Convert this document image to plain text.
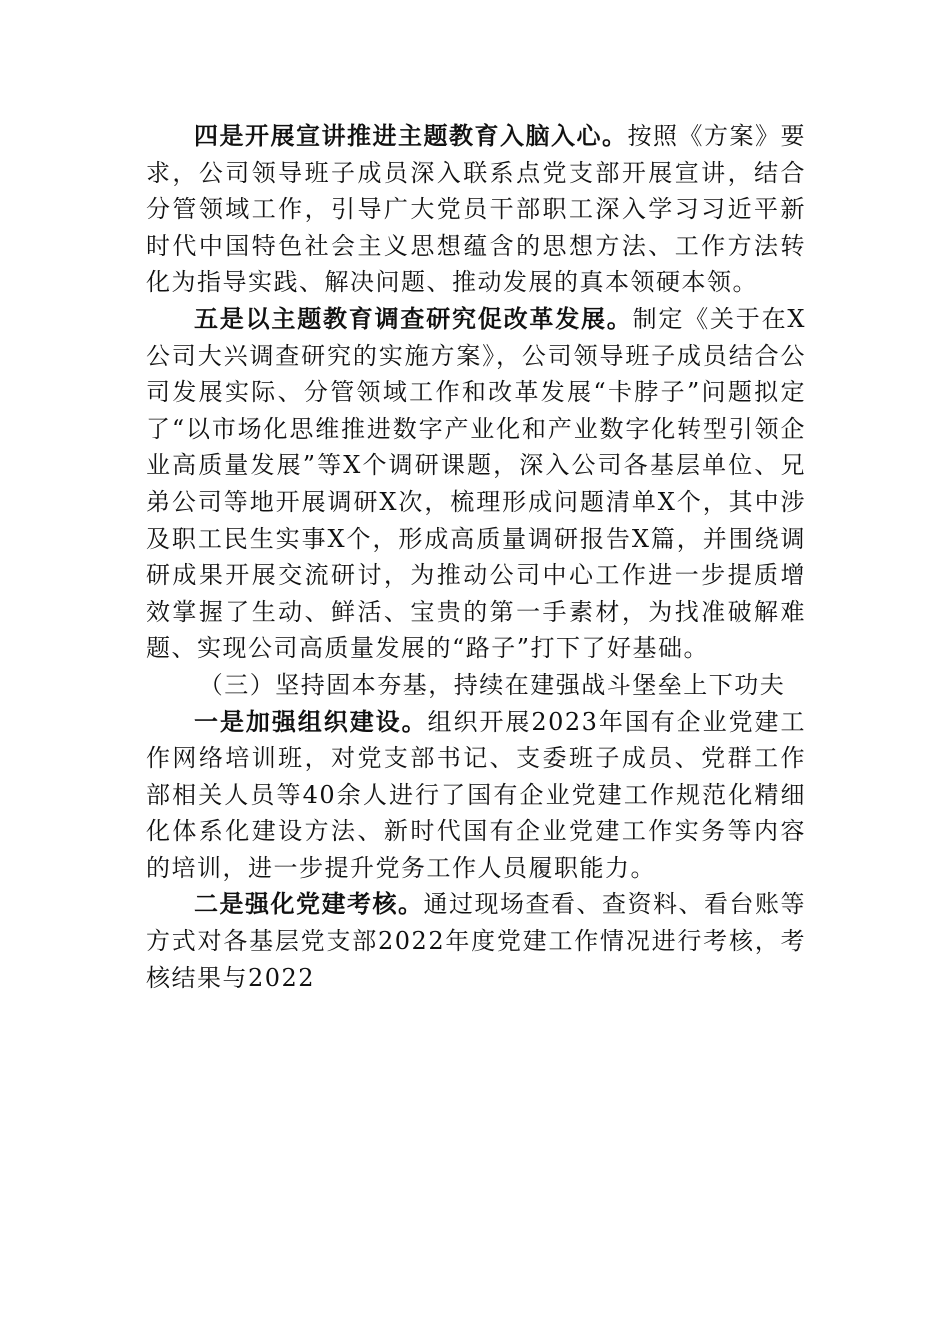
四是开展宣讲推进主题教育入脑入心。按照《方案》要求，公司领导班子成员深入联系点党支部开展宣讲，结合分管领域工作，引导广大党员干部职工深入学习习近平新时代中国特色社会主义思想蕴含的思想方法、工作方法转化为指导实践、解决问题、推动发展的真本领硬本领。

五是以主题教育调查研究促改革发展。制定《关于在X公司大兴调查研究的实施方案》，公司领导班子成员结合公司发展实际、分管领域工作和改革发展“卡脖子”问题拟定了“以市场化思维推进数字产业化和产业数字化转型引领企业高质量发展”等X个调研课题，深入公司各基层单位、兄弟公司等地开展调研X次，梳理形成问题清单X个，其中涉及职工民生实事X个，形成高质量调研报告X篇，并围绕调研成果开展交流研讨，为推动公司中心工作进一步提质增效掌握了生动、鲜活、宝贵的第一手素材，为找准破解难题、实现公司高质量发展的“路子”打下了好基础。

（三）坚持固本夯基，持续在建强战斗堡垒上下功夫

一是加强组织建设。组织开展2023年国有企业党建工作网络培训班，对党支部书记、支委班子成员、党群工作部相关人员等40余人进行了国有企业党建工作规范化精细化体系化建设方法、新时代国有企业党建工作实务等内容的培训，进一步提升党务工作人员履职能力。

二是强化党建考核。通过现场查看、查资料、看台账等方式对各基层党支部2022年度党建工作情况进行考核，考核结果与2022
